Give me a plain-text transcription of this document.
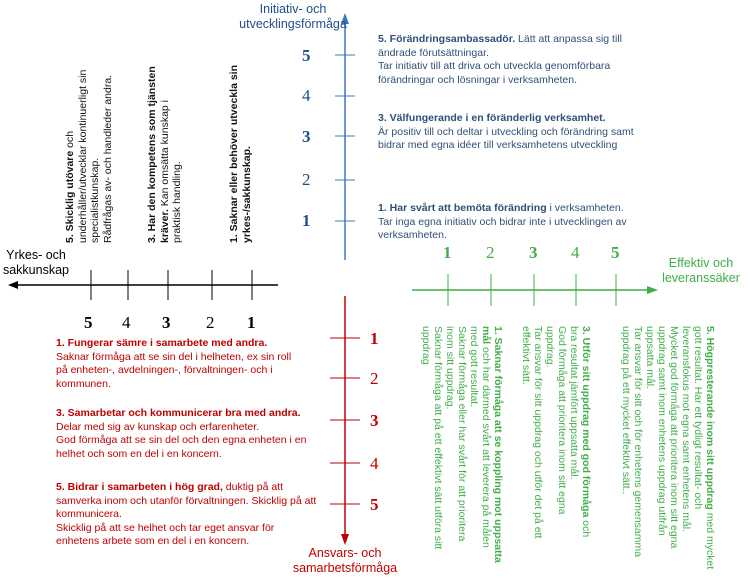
Initiativ- och
utvecklingsförmåga
Yrkes- och
sakkunskap	Effektiv och
leveranssäker
Ansvars- och
samarbetsförmåga
5
4
3
2
1
5 4 3 2 1
1
2
3
4
5
1 2 3 4 5
5. Förändringsambassadör. Lätt att anpassa sig till ändrade förutsättningar.
Tar initiativ till att driva och utveckla genomförbara förändringar och lösningar i verksamheten.
3. Välfungerande i en föränderlig verksamhet.
Är positiv till och deltar i utveckling och förändring samt bidrar med egna idéer till verksamhetens utveckling
1. Har svårt att bemöta förändring i verksamheten.
Tar inga egna initiativ och bidrar inte i utvecklingen av verksamheten.
5. Skicklig utövare och underhåller/utvecklar kontinuerligt sin specialistkunskap. Rådfrågas av- och handleder andra.	3. Har den kompetens som tjänsten kräver. Kan omsätta kunskap i praktisk handling.	1. Saknar eller behöver utveckla sin yrkes-/sakkunskap.
1. Fungerar sämre i samarbete med andra.
Saknar förmåga att se sin del i helheten, ex sin roll
på enheten-, avdelningen-, förvaltningen- och i
kommunen.
3. Samarbetar och kommunicerar bra med andra.
Delar med sig av kunskap och erfarenheter.
God förmåga att se sin del och den egna enheten i en
helhet och som en del i en koncern.
5. Bidrar i samarbeten i hög grad, duktig på att
samverka inom och utanför förvaltningen. Skicklig på att
kommunicera.
Skicklig på att se helhet och tar eget ansvar för
enhetens arbete som en del i en koncern.	1. Saknar förmåga att se koppling mot uppsatta
mål och har därmed svårt att leverera på målen
med gott resultat.
Saknar förmåga eller har svårt för att prioritera
inom sitt uppdrag.
Saknar förmåga att på ett effektivt sätt utföra sitt
uppdrag	3. Utför sitt uppdrag med god förmåga och
bra resultat jämfört uppsatta mål.
God förmåga att prioritera inom sitt egna
uppdrag.
Tar ansvar för sitt uppdrag och utför det på ett
effektivt sätt.	5. Högpresterande inom sitt uppdrag med mycket
gott resultat. Har ett tydligt resultat- och
leveransfokus mot egna samt enhetens mål.
Mycket god förmåga att prioritera inom sitt egna
uppdrag samt inom enhetens uppdrag utifrån
uppsatta mål.
Tar ansvar för sitt och för enhetens gemensamma
uppdrag på ett mycket effektivt sätt..
